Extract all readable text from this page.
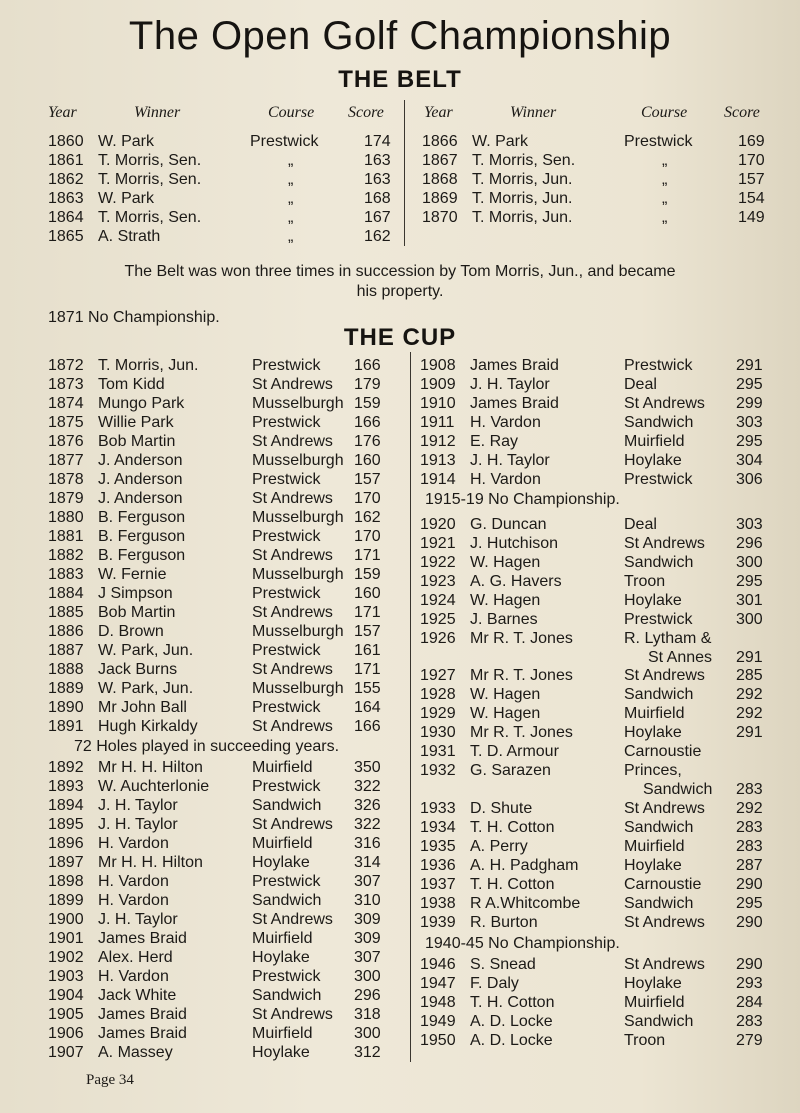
The Open Golf Championship
THE BELT
Year	Winner	Course Score	Year	Winner	Course Score
1860 W. Park	Prestwick	174
1861 T. Morris, Sen.	„	163
1862 T. Morris, Sen.	„	163
1863 W. Park	„	168
1864 T. Morris, Sen.	„	167
1865 A. Strath	„	162
1866 W. Park	Prestwick	169
1867 T. Morris, Sen.	„	170
1868 T. Morris, Jun.	„	157
1869 T. Morris, Jun.	„	154
1870 T. Morris, Jun.	„	149
The Belt was won three times in succession by Tom Morris, Jun., and became
his property.
1871 No Championship.
THE CUP
1872 T. Morris, Jun.	Prestwick 166
1873 Tom Kidd	St Andrews 179
1874 Mungo Park	Musselburgh 159
1875 Willie Park	Prestwick 166
1876 Bob Martin	St Andrews 176
1877 J. Anderson	Musselburgh 160
1878 J. Anderson	Prestwick 157
1879 J. Anderson	St Andrews 170
1880 B. Ferguson	Musselburgh 162
1881 B. Ferguson	Prestwick 170
1882 B. Ferguson	St Andrews 171
1883 W. Fernie	Musselburgh 159
1884 J Simpson	Prestwick 160
1885 Bob Martin	St Andrews 171
1886 D. Brown	Musselburgh 157
1887 W. Park, Jun.	Prestwick 161
1888 Jack Burns	St Andrews 171
1889 W. Park, Jun.	Musselburgh 155
1890 Mr John Ball	Prestwick 164
1891 Hugh Kirkaldy	St Andrews 166
72 Holes played in succeeding years.
1892 Mr H. H. Hilton	Muirfield	350
1893 W. Auchterlonie	Prestwick 322
1894 J. H. Taylor	Sandwich 326
1895 J. H. Taylor	St Andrews 322
1896 H. Vardon	Muirfield	316
1897 Mr H. H. Hilton	Hoylake	314
1898 H. Vardon	Prestwick 307
1899 H. Vardon	Sandwich 310
1900 J. H. Taylor	St Andrews 309
1901 James Braid	Muirfield	309
1902 Alex. Herd	Hoylake	307
1903 H. Vardon	Prestwick 300
1904 Jack White	Sandwich 296
1905 James Braid	St Andrews 318
1906 James Braid	Muirfield	300
1907 A. Massey	Hoylake	312
1908 James Braid	Prestwick	291
1909 J. H. Taylor	Deal	295
1910 James Braid	St Andrews 299
1911 H. Vardon	Sandwich	303
1912 E. Ray	Muirfield	295
1913 J. H. Taylor	Hoylake	304
1914 H. Vardon	Prestwick	306
1915-19 No Championship.
1920 G. Duncan	Deal	303
1921 J. Hutchison	St Andrews 296
1922 W. Hagen	Sandwich	300
1923 A. G. Havers	Troon	295
1924 W. Hagen	Hoylake	301
1925 J. Barnes	Prestwick	300
1926 Mr R. T. Jones	R. Lytham &
St Annes 291
1927 Mr R. T. Jones	St Andrews 285
1928 W. Hagen	Sandwich	292
1929 W. Hagen	Muirfield	292
1930 Mr R. T. Jones	Hoylake	291
1931 T. D. Armour	Carnoustie
1932 G. Sarazen	Princes,
Sandwich 283
1933 D. Shute	St Andrews 292
1934 T. H. Cotton	Sandwich	283
1935 A. Perry	Muirfield	283
1936 A. H. Padgham	Hoylake	287
1937 T. H. Cotton	Carnoustie 290
1938 R A.Whitcombe	Sandwich	295
1939 R. Burton	St Andrews 290
1940-45 No Championship.
1946 S. Snead	St Andrews 290
1947 F. Daly	Hoylake	293
1948 T. H. Cotton	Muirfield	284
1949 A. D. Locke	Sandwich	283
1950 A. D. Locke	Troon	279
Page 34
